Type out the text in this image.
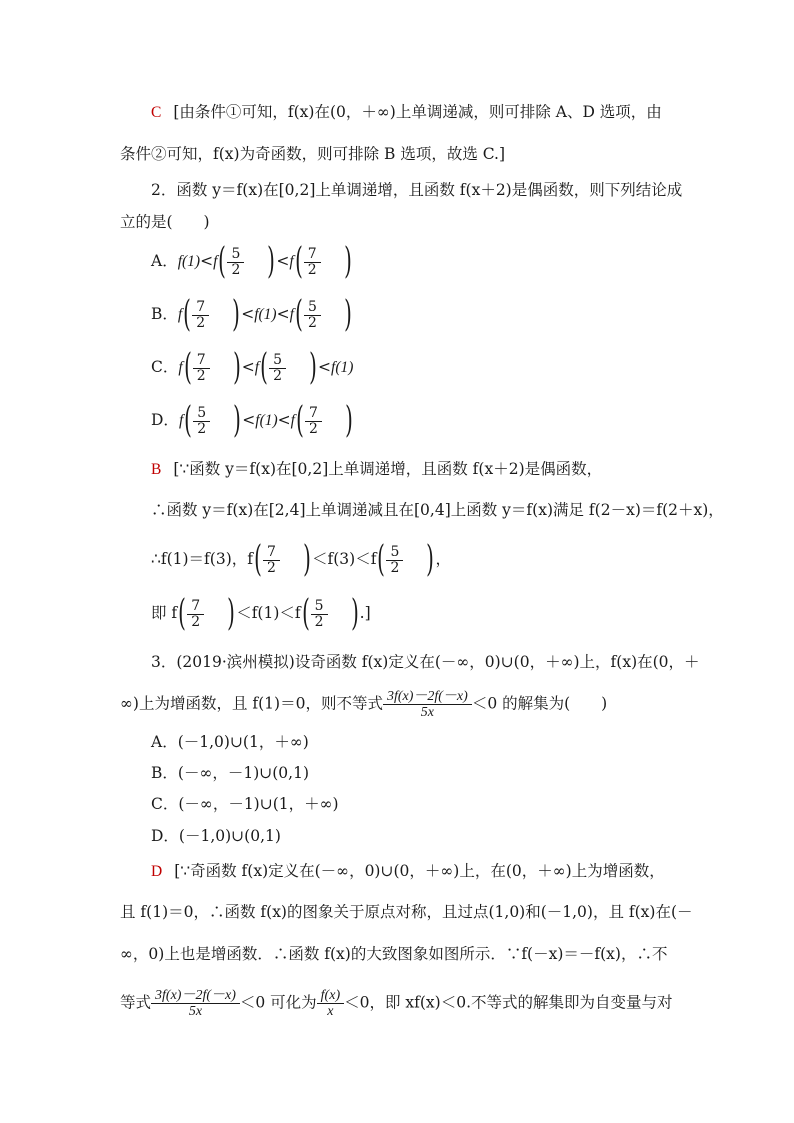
C [由条件①可知，f(x)在(0，＋∞)上单调递减，则可排除 A、D 选项，由
条件②可知，f(x)为奇函数，则可排除 B 选项，故选 C.]
2．函数 y＝f(x)在[0,2]上单调递增，且函数 f(x＋2)是偶函数，则下列结论成
立的是(　　)
A．$f(1)<f( \frac{5}{2} )<f( \frac{7}{2}$ )
B．$f( \frac{7}{2} )<f(1)<f( \frac{5}{2}$ )
C．$f( \frac{7}{2} )<f( \frac{5}{2} )<f(1)$
D．$f( \frac{5}{2} )<f(1)<f( \frac{7}{2}$ )
B [∵函数 y＝f(x)在[0,2]上单调递增，且函数 f(x＋2)是偶函数，
∴函数 y＝f(x)在[2,4]上单调递减且在[0,4]上函数 y＝f(x)满足 f(2－x)＝f(2＋x)，
∴f(1)＝f(3)，$f( \frac{7}{2} )<f(3)<f( \frac{5}{2}$ )，
即 $f( \frac{7}{2} )<f(1)<f( \frac{5}{2}$ ).]
3．(2019·滨州模拟)设奇函数 f(x)定义在(－∞，0)∪(0，＋∞)上，f(x)在(0，＋
∞)上为增函数，且 f(1)＝0，则不等式 $\frac{3f(x)-2f(-x)}{5x} <0$ 的解集为(　　)
A．(－1,0)∪(1，＋∞)
B．(－∞，－1)∪(0,1)
C．(－∞，－1)∪(1，＋∞)
D．(－1,0)∪(0,1)
D [∵奇函数 f(x)定义在(－∞，0)∪(0，＋∞)上，在(0，＋∞)上为增函数，
且 f(1)＝0，∴函数 f(x)的图象关于原点对称，且过点(1,0)和(－1,0)，且 f(x)在(－
∞，0)上也是增函数．∴函数 f(x)的大致图象如图所示．∵f(－x)＝－f(x)，∴不
等式 $\frac{3f(x)-2f(-x)}{5x} <0$ 可化为 $\frac{f(x)}{x} <0$，即 xf(x)＜0.不等式的解集即为自变量与对
